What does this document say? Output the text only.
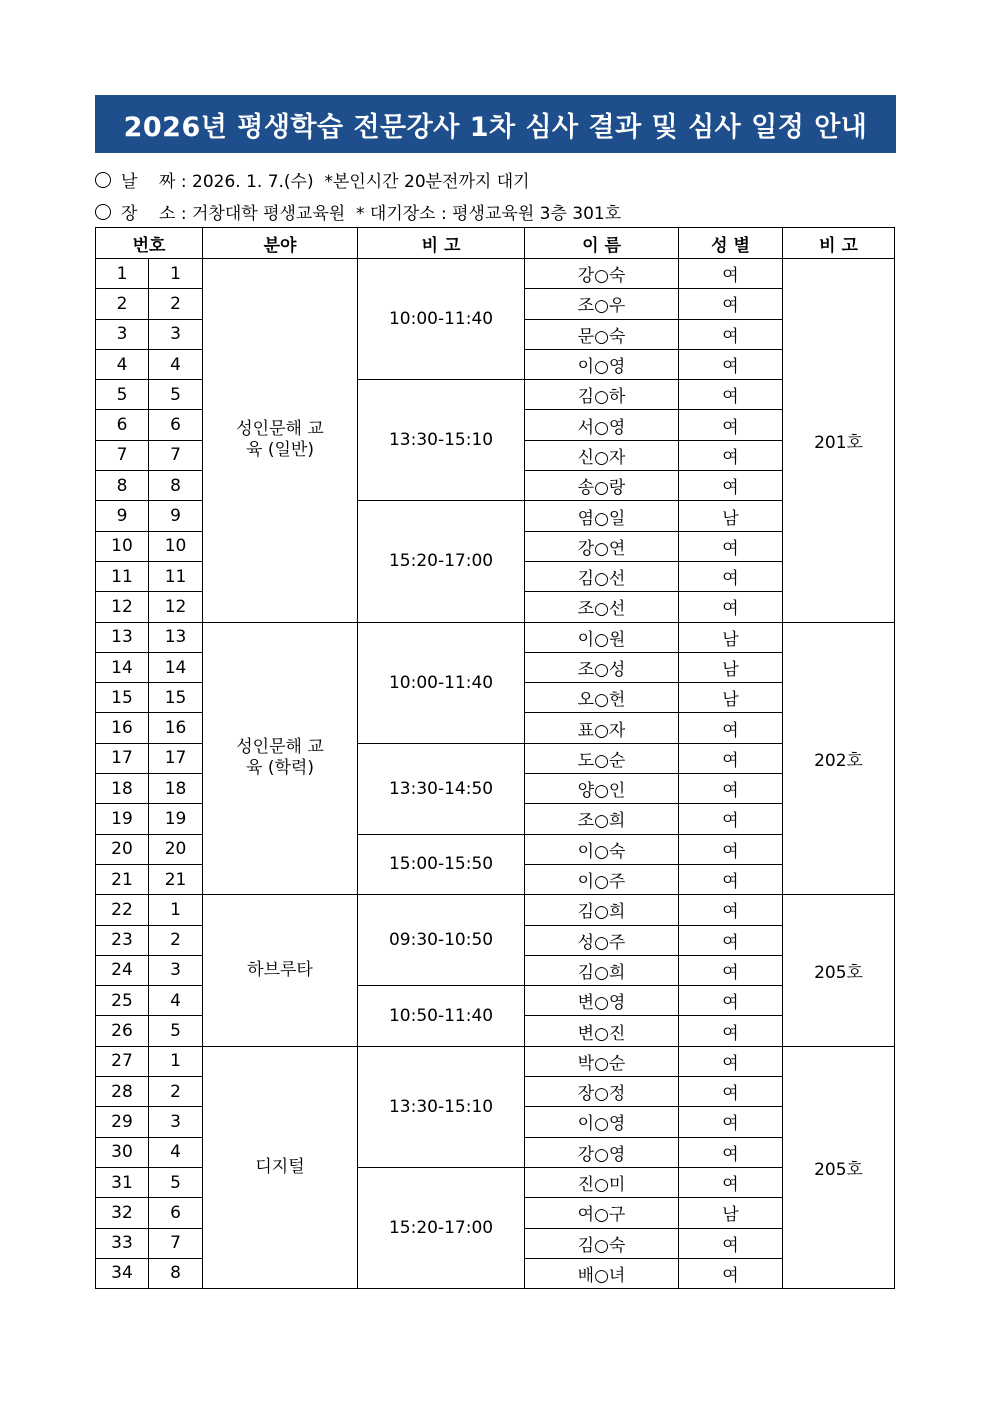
2026년 평생학습 전문강사 1차 심사 결과 및 심사 일정 안내
날    짜 : 2026. 1. 7.(수) *본인시간 20분전까지 대기
장    소 : 거창대학 평생교육원 * 대기장소 : 평생교육원 3층 301호
번호		분야	비 고	이 름	성 별	비 고
1	1	성인문해 교육 (일반)	10:00-11:40	강○숙	여	201호
2	2			조○우	여	
3	3			문○숙	여	
4	4			이○영	여	
5	5		13:30-15:10	김○하	여	
6	6			서○영	여	
7	7			신○자	여	
8	8			송○랑	여	
9	9		15:20-17:00	염○일	남	
10	10			강○연	여	
11	11			김○선	여	
12	12			조○선	여	
13	13	성인문해 교육 (학력)	10:00-11:40	이○원	남	202호
14	14			조○성	남	
15	15			오○헌	남	
16	16			표○자	여	
17	17		13:30-14:50	도○순	여	
18	18			양○인	여	
19	19			조○희	여	
20	20		15:00-15:50	이○숙	여	
21	21			이○주	여	
22	1	하브루타	09:30-10:50	김○희	여	205호
23	2			성○주	여	
24	3			김○희	여	
25	4		10:50-11:40	변○영	여	
26	5			변○진	여	
27	1	디지털	13:30-15:10	박○순	여	205호
28	2			장○정	여	
29	3			이○영	여	
30	4			강○영	여	
31	5		15:20-17:00	진○미	여	
32	6			여○구	남	
33	7			김○숙	여	
34	8			배○녀	여	
